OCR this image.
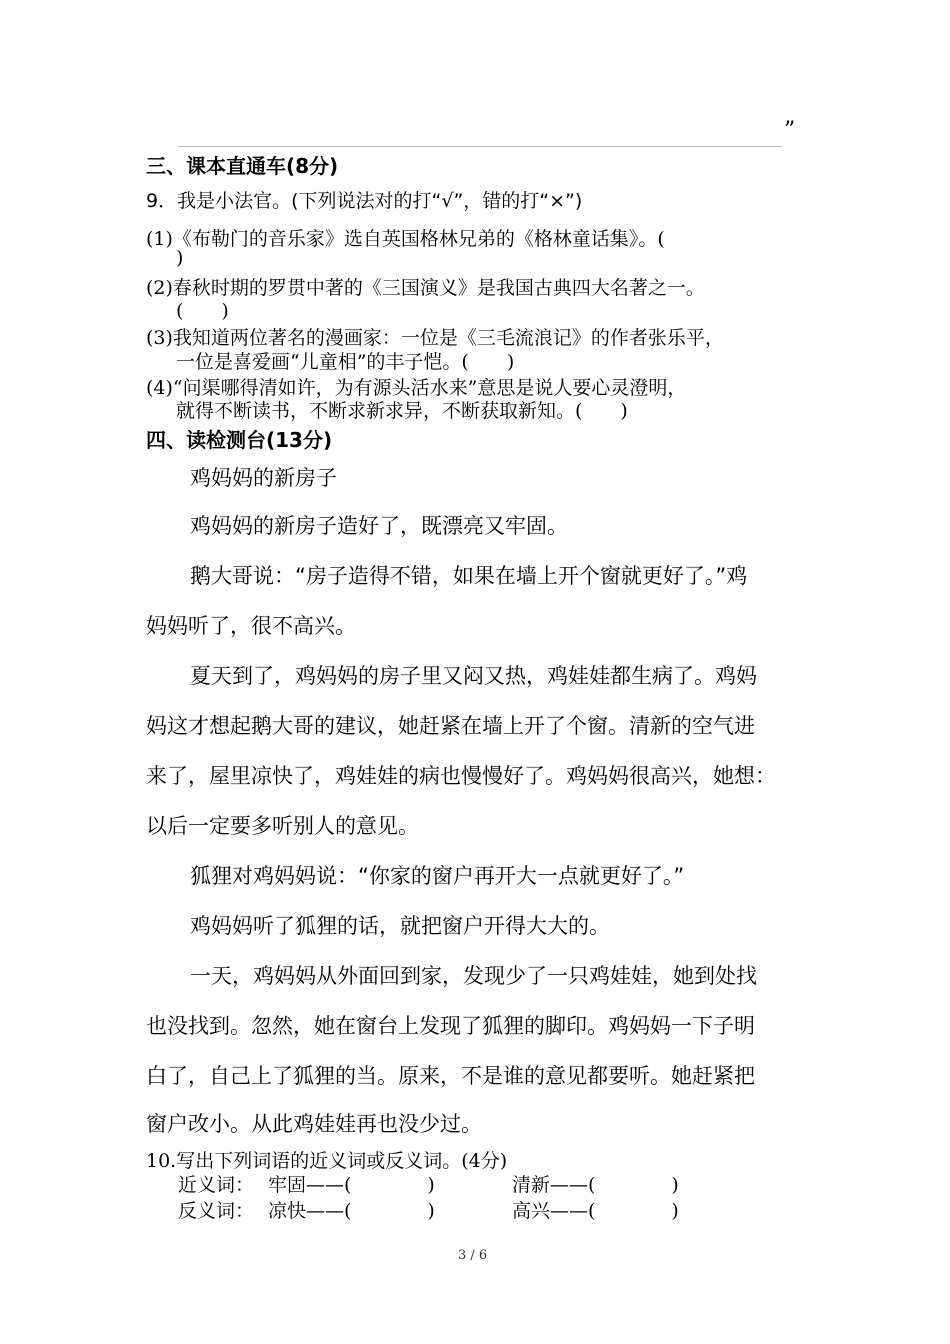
”
三、课本直通车(8分)
9．我是小法官。(下列说法对的打“√”，错的打“×”)
(1)《布勒门的音乐家》选自英国格林兄弟的《格林童话集》。(
)
(2)春秋时期的罗贯中著的《三国演义》是我国古典四大名著之一。
(　　)
(3)我知道两位著名的漫画家：一位是《三毛流浪记》的作者张乐平，
一位是喜爱画“儿童相”的丰子恺。(　　)
(4)“问渠哪得清如许，为有源头活水来”意思是说人要心灵澄明，
就得不断读书，不断求新求异，不断获取新知。(　　)
四、读检测台(13分)
鸡妈妈的新房子
鸡妈妈的新房子造好了，既漂亮又牢固。
鹅大哥说：“房子造得不错，如果在墙上开个窗就更好了。”鸡
妈妈听了，很不高兴。
夏天到了，鸡妈妈的房子里又闷又热，鸡娃娃都生病了。鸡妈
妈这才想起鹅大哥的建议，她赶紧在墙上开了个窗。清新的空气进
来了，屋里凉快了，鸡娃娃的病也慢慢好了。鸡妈妈很高兴，她想：
以后一定要多听别人的意见。
狐狸对鸡妈妈说：“你家的窗户再开大一点就更好了。”
鸡妈妈听了狐狸的话，就把窗户开得大大的。
一天，鸡妈妈从外面回到家，发现少了一只鸡娃娃，她到处找
也没找到。忽然，她在窗台上发现了狐狸的脚印。鸡妈妈一下子明
白了，自己上了狐狸的当。原来，不是谁的意见都要听。她赶紧把
窗户改小。从此鸡娃娃再也没少过。
10.写出下列词语的近义词或反义词。(4分)
近义词： 牢固——(　　　　)	清新——(　　　　)
反义词： 凉快——(　　　　)	高兴——(　　　　)
3 / 6
